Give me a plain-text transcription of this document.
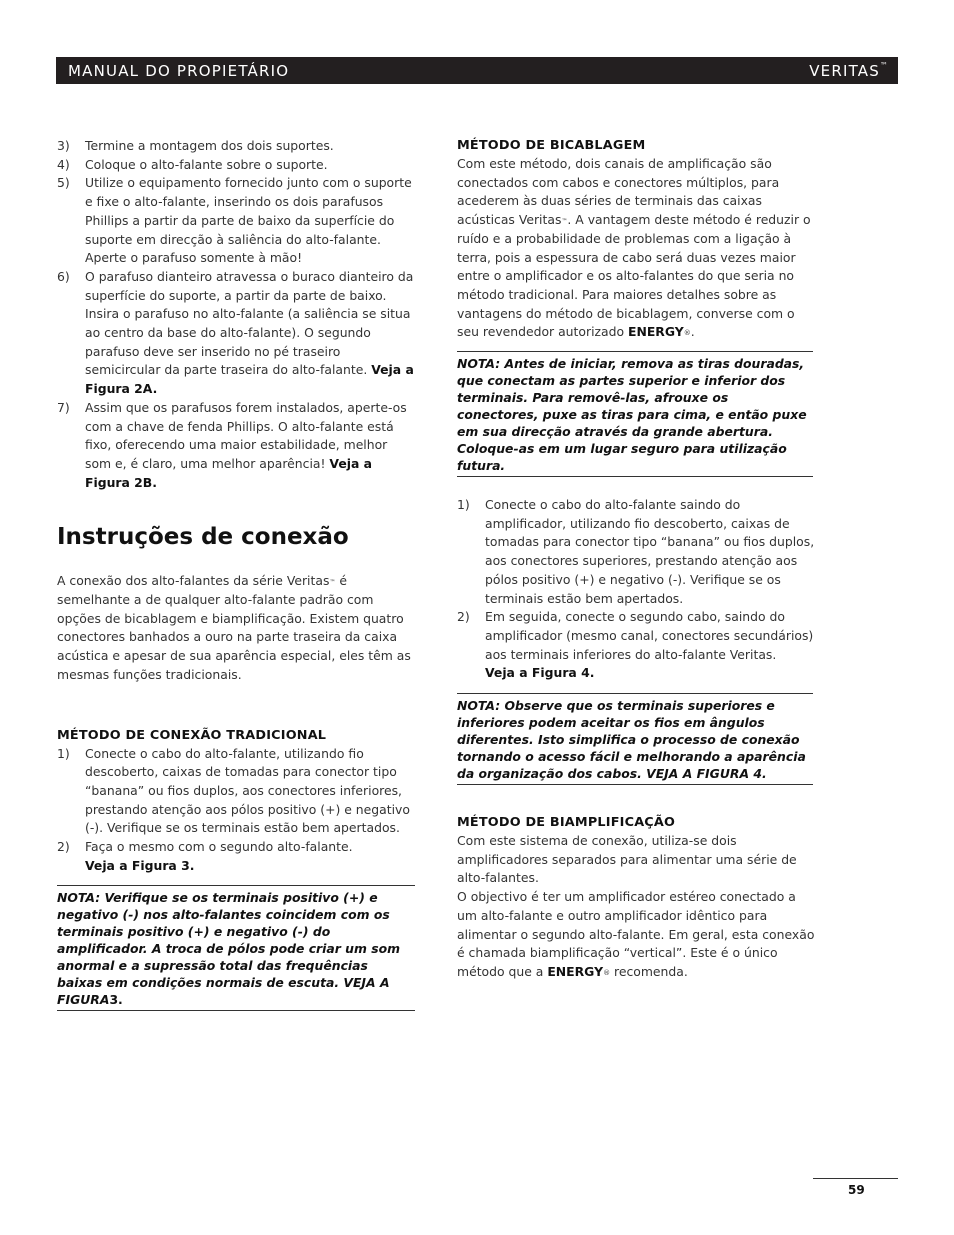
MANUAL DO PROPIETÁRIO	VERITAS™
3) Termine a montagem dos dois suportes.
4) Coloque o alto-falante sobre o suporte.
5) Utilize o equipamento fornecido junto com o suporte e fixe o alto-falante, inserindo os dois parafusos Phillips a partir da parte de baixo da superfície do suporte em direcção à saliência do alto-falante. Aperte o parafuso somente à mão!
6) O parafuso dianteiro atravessa o buraco dianteiro da superfície do suporte, a partir da parte de baixo. Insira o parafuso no alto-falante (a saliência se situa ao centro da base do alto-falante). O segundo parafuso deve ser inserido no pé traseiro semicircular da parte traseira do alto-falante. Veja a Figura 2A.
7) Assim que os parafusos forem instalados, aperte-os com a chave de fenda Phillips. O alto-falante está fixo, oferecendo uma maior estabilidade, melhor som e, é claro, uma melhor aparência! Veja a Figura 2B.
Instruções de conexão

A conexão dos alto-falantes da série Veritas™ é semelhante a de qualquer alto-falante padrão com opções de bicablagem e biamplificação. Existem quatro conectores banhados a ouro na parte traseira da caixa acústica e apesar de sua aparência especial, eles têm as mesmas funções tradicionais.

MÉTODO DE CONEXÃO TRADICIONAL
1) Conecte o cabo do alto-falante, utilizando fio descoberto, caixas de tomadas para conector tipo “banana” ou fios duplos, aos conectores inferiores, prestando atenção aos pólos positivo (+) e negativo (-). Verifique se os terminais estão bem apertados.
2) Faça o mesmo com o segundo alto-falante.
Veja a Figura 3.
NOTA: Verifique se os terminais positivo (+) e negativo (-) nos alto-falantes coincidem com os terminais positivo (+) e negativo (-) do amplificador. A troca de pólos pode criar um som anormal e a supressão total das frequências baixas em condições normais de escuta. VEJA A FIGURA3.
MÉTODO DE BICABLAGEM

Com este método, dois canais de amplificação são conectados com cabos e conectores múltiplos, para acederem às duas séries de terminais das caixas acústicas Veritas™. A vantagem deste método é reduzir o ruído e a probabilidade de problemas com a ligação à terra, pois a espessura de cabo será duas vezes maior entre o amplificador e os alto-falantes do que seria no método tradicional. Para maiores detalhes sobre as vantagens do método de bicablagem, converse com o seu revendedor autorizado ENERGY®.

NOTA: Antes de iniciar, remova as tiras douradas, que conectam as partes superior e inferior dos terminais. Para removê-las, afrouxe os conectores, puxe as tiras para cima, e então puxe em sua direcção através da grande abertura. Coloque-as em um lugar seguro para utilização futura.
1) Conecte o cabo do alto-falante saindo do amplificador, utilizando fio descoberto, caixas de tomadas para conector tipo “banana” ou fios duplos, aos conectores superiores, prestando atenção aos pólos positivo (+) e negativo (-). Verifique se os terminais estão bem apertados.
2) Em seguida, conecte o segundo cabo, saindo do amplificador (mesmo canal, conectores secundários) aos terminais inferiores do alto-falante Veritas.
Veja a Figura 4.
NOTA: Observe que os terminais superiores e inferiores podem aceitar os fios em ângulos diferentes. Isto simplifica o processo de conexão tornando o acesso fácil e melhorando a aparência da organização dos cabos. VEJA A FIGURA 4.
MÉTODO DE BIAMPLIFICAÇÃO

Com este sistema de conexão, utiliza-se dois amplificadores separados para alimentar uma série de alto-falantes.

O objectivo é ter um amplificador estéreo conectado a um alto-falante e outro amplificador idêntico para alimentar o segundo alto-falante. Em geral, esta conexão é chamada biamplificação “vertical”. Este é o único método que a ENERGY® recomenda.

59
